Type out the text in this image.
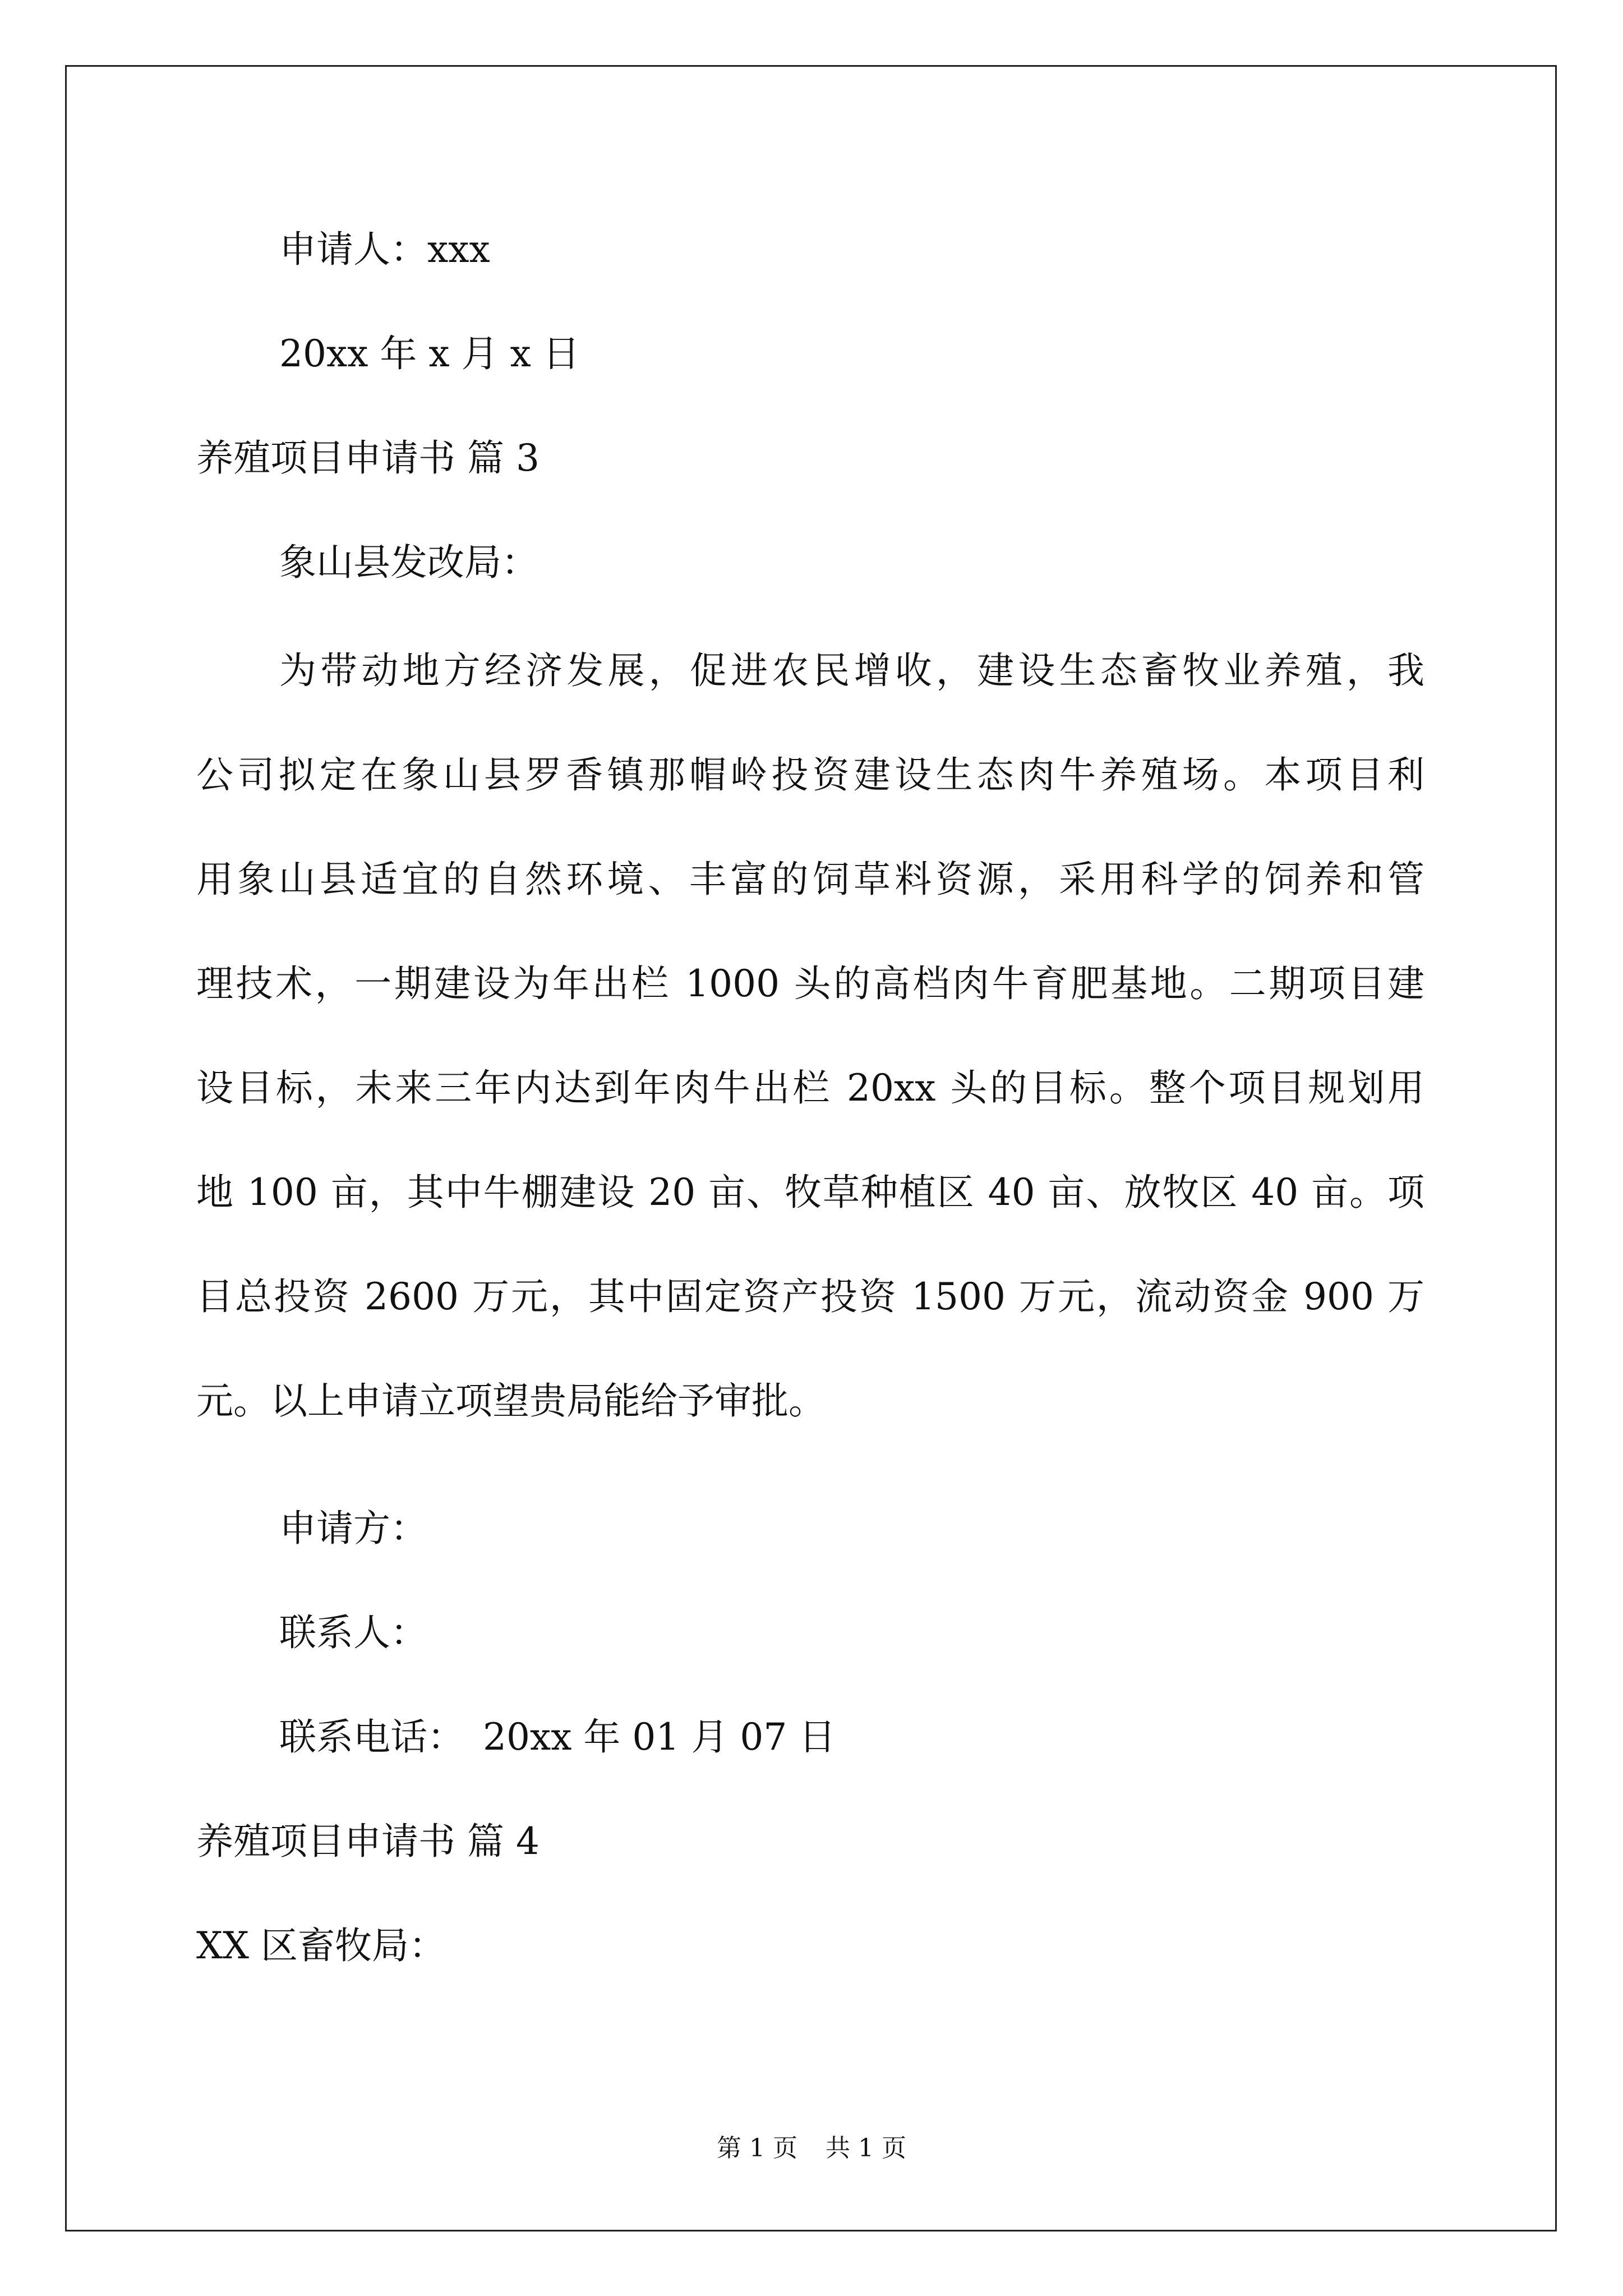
申请人：xxx
20xx 年 x 月 x 日
养殖项目申请书 篇 3
象山县发改局：
为带动地方经济发展，促进农民增收，建设生态畜牧业养殖，我
公司拟定在象山县罗香镇那帽岭投资建设生态肉牛养殖场。本项目利
用象山县适宜的自然环境、丰富的饲草料资源，采用科学的饲养和管
理技术，一期建设为年出栏 1000 头的高档肉牛育肥基地。二期项目建
设目标，未来三年内达到年肉牛出栏 20xx 头的目标。整个项目规划用
地 100 亩，其中牛棚建设 20 亩、牧草种植区 40 亩、放牧区 40 亩。项
目总投资 2600 万元，其中固定资产投资 1500 万元，流动资金 900 万
元。以上申请立项望贵局能给予审批。
申请方：
联系人：
联系电话：　20xx 年 01 月 07 日
养殖项目申请书 篇 4
XX 区畜牧局：
第 1 页 共 1 页
